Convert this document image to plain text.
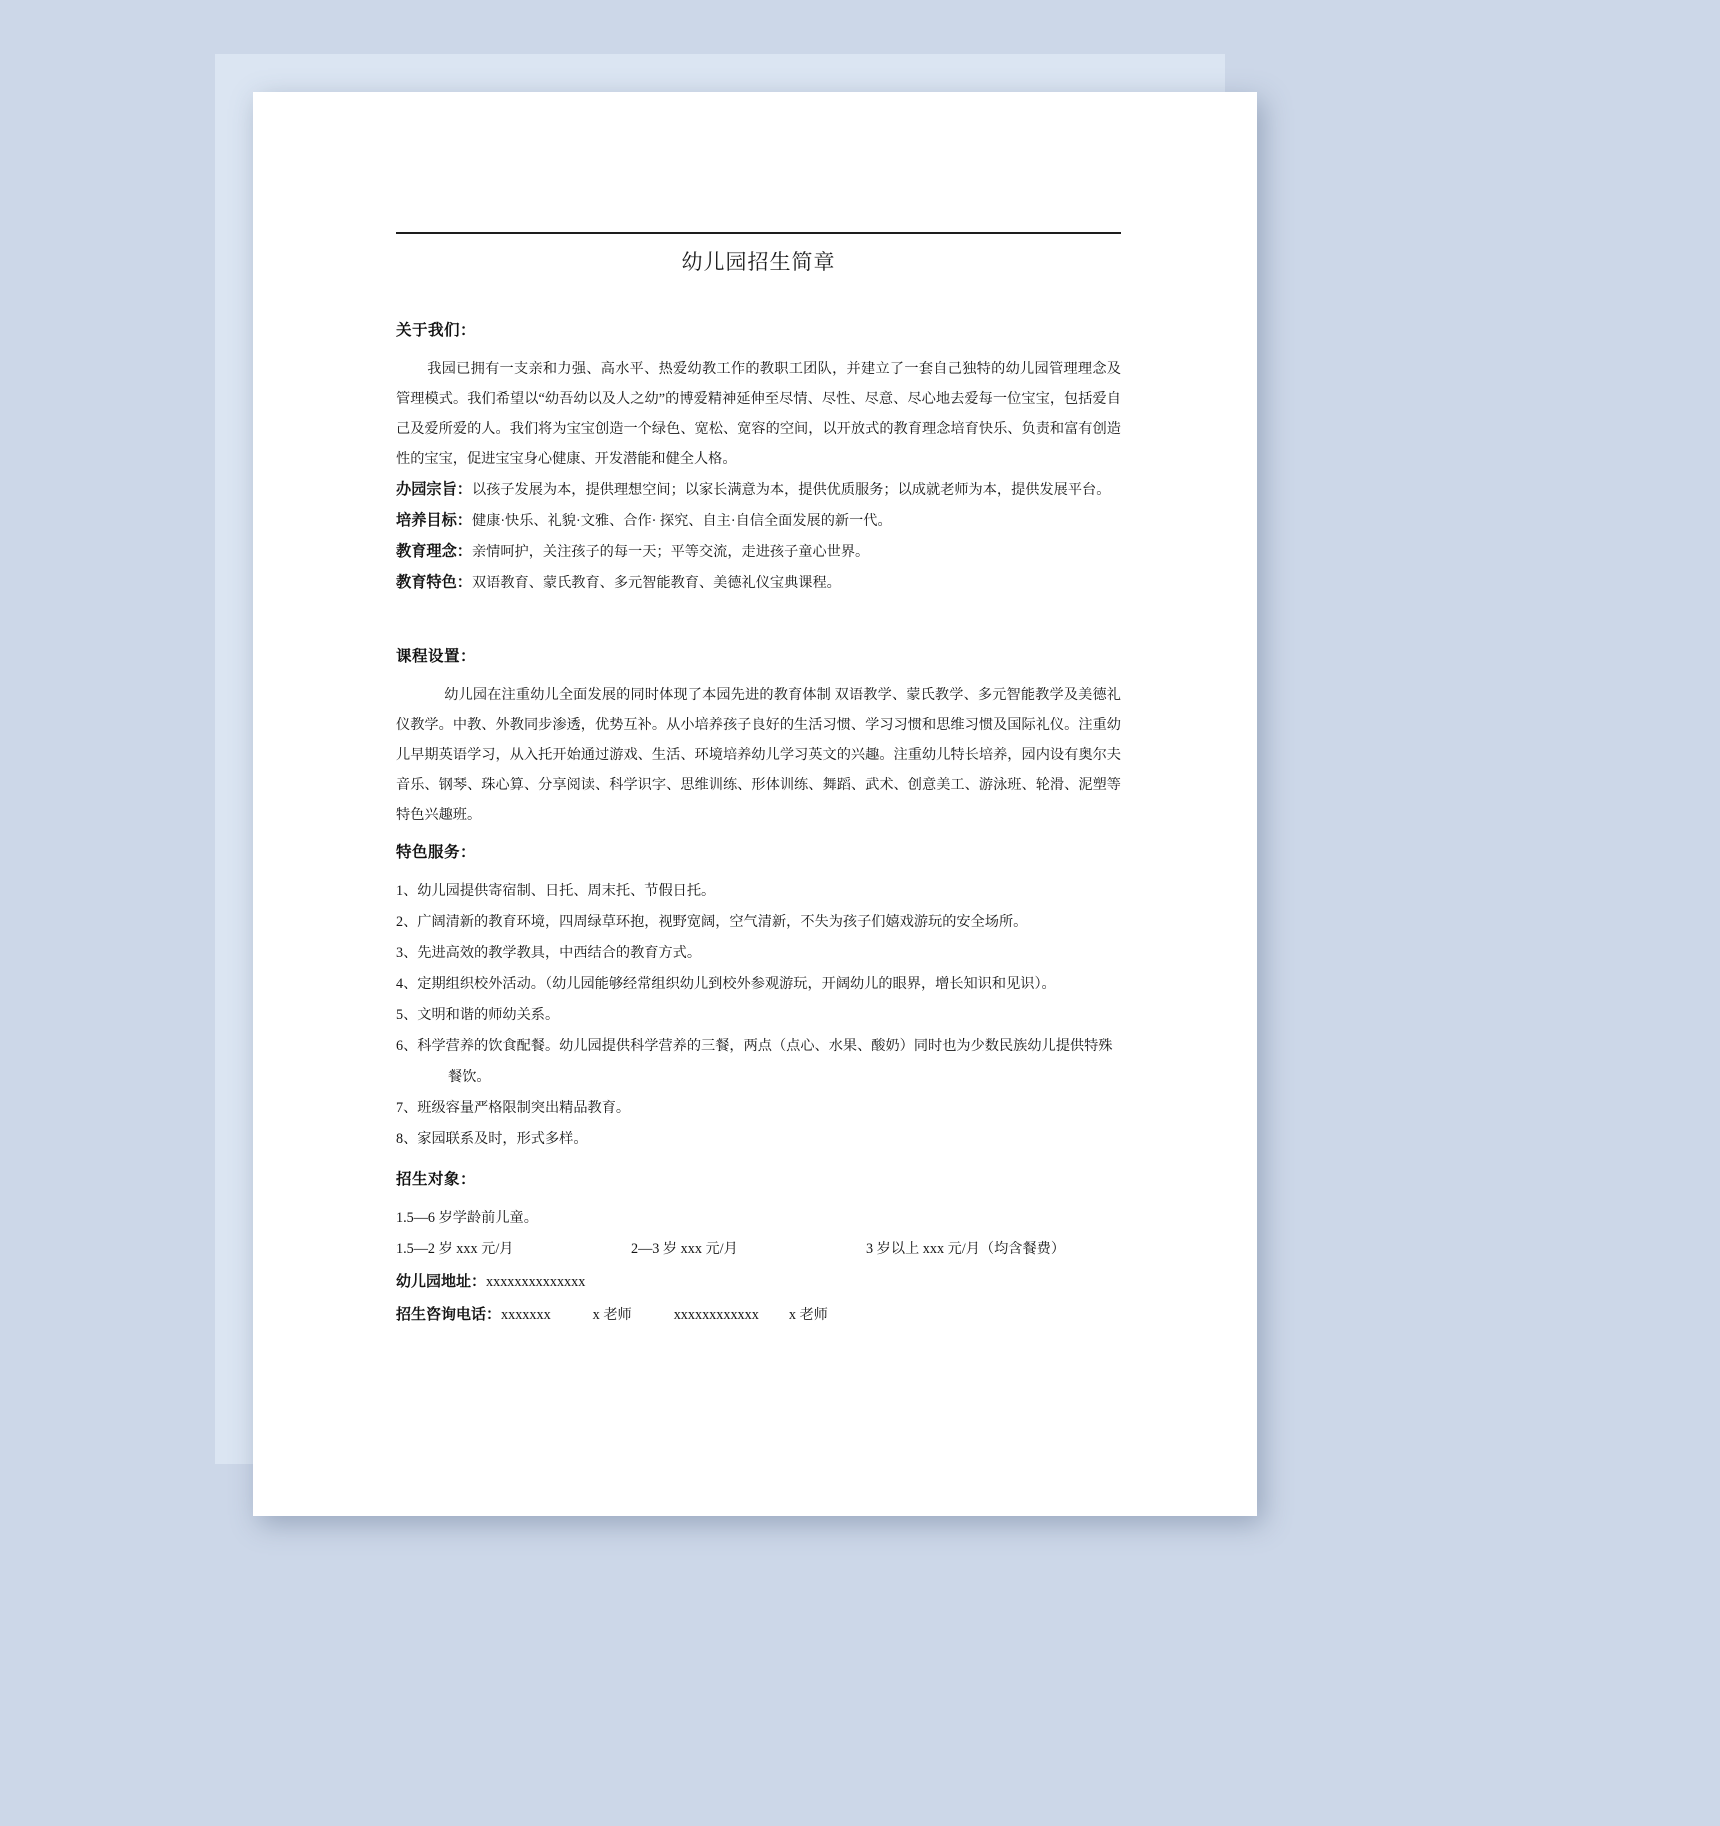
幼儿园招生简章
关于我们：

我园已拥有一支亲和力强、高水平、热爱幼教工作的教职工团队，并建立了一套自己独特的幼儿园管理理念及管理模式。我们希望以“幼吾幼以及人之幼”的博爱精神延伸至尽情、尽性、尽意、尽心地去爱每一位宝宝，包括爱自己及爱所爱的人。我们将为宝宝创造一个绿色、宽松、宽容的空间，以开放式的教育理念培育快乐、负责和富有创造性的宝宝，促进宝宝身心健康、开发潜能和健全人格。

办园宗旨：以孩子发展为本，提供理想空间；以家长满意为本，提供优质服务；以成就老师为本，提供发展平台。

培养目标：健康·快乐、礼貌·文雅、合作· 探究、自主·自信全面发展的新一代。

教育理念：亲情呵护，关注孩子的每一天；平等交流，走进孩子童心世界。

教育特色：双语教育、蒙氏教育、多元智能教育、美德礼仪宝典课程。

课程设置：

幼儿园在注重幼儿全面发展的同时体现了本园先进的教育体制 双语教学、蒙氏教学、多元智能教学及美德礼仪教学。中教、外教同步渗透，优势互补。从小培养孩子良好的生活习惯、学习习惯和思维习惯及国际礼仪。注重幼儿早期英语学习，从入托开始通过游戏、生活、环境培养幼儿学习英文的兴趣。注重幼儿特长培养，园内设有奥尔夫音乐、钢琴、珠心算、分享阅读、科学识字、思维训练、形体训练、舞蹈、武术、创意美工、游泳班、轮滑、泥塑等特色兴趣班。

特色服务：

1、幼儿园提供寄宿制、日托、周末托、节假日托。

2、广阔清新的教育环境，四周绿草环抱，视野宽阔，空气清新，不失为孩子们嬉戏游玩的安全场所。

3、先进高效的教学教具，中西结合的教育方式。

4、定期组织校外活动。（幼儿园能够经常组织幼儿到校外参观游玩，开阔幼儿的眼界，增长知识和见识）。

5、文明和谐的师幼关系。

6、科学营养的饮食配餐。幼儿园提供科学营养的三餐，两点（点心、水果、酸奶）同时也为少数民族幼儿提供特殊
餐饮。

7、班级容量严格限制突出精品教育。

8、家园联系及时，形式多样。

招生对象：

1.5—6 岁学龄前儿童。

1.5—2 岁 xxx 元/月	2—3 岁 xxx 元/月	3 岁以上 xxx 元/月（均含餐费）

幼儿园地址：xxxxxxxxxxxxxx

招生咨询电话：xxxxxxx	x 老师	xxxxxxxxxxxx x 老师
